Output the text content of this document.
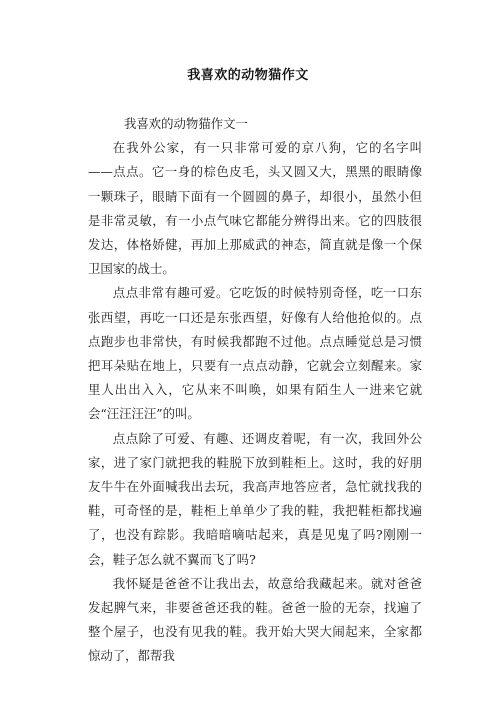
我喜欢的动物猫作文

我喜欢的动物猫作文一

在我外公家，有一只非常可爱的京八狗，它的名字叫——点点。它一身的棕色皮毛，头又圆又大，黑黑的眼睛像一颗珠子，眼睛下面有一个圆圆的鼻子，却很小，虽然小但是非常灵敏，有一小点气味它都能分辨得出来。它的四肢很发达，体格娇健，再加上那威武的神态，简直就是像一个保卫国家的战士。

点点非常有趣可爱。它吃饭的时候特别奇怪，吃一口东张西望，再吃一口还是东张西望，好像有人给他抢似的。点点跑步也非常快，有时候我都跑不过他。点点睡觉总是习惯把耳朵贴在地上，只要有一点点动静，它就会立刻醒来。家里人出出入入，它从来不叫唤，如果有陌生人一进来它就会“汪汪汪汪”的叫。

点点除了可爱、有趣、还调皮着呢，有一次，我回外公家，进了家门就把我的鞋脱下放到鞋柜上。这时，我的好朋友牛牛在外面喊我出去玩，我高声地答应者，急忙就找我的鞋，可奇怪的是，鞋柜上单单少了我的鞋，我把鞋柜都找遍了，也没有踪影。我暗暗嘀咕起来，真是见鬼了吗?刚刚一会，鞋子怎么就不翼而飞了吗?

我怀疑是爸爸不让我出去，故意给我藏起来。就对爸爸发起脾气来，非要爸爸还我的鞋。爸爸一脸的无奈，找遍了整个屋子，也没有见我的鞋。我开始大哭大闹起来，全家都惊动了，都帮我
